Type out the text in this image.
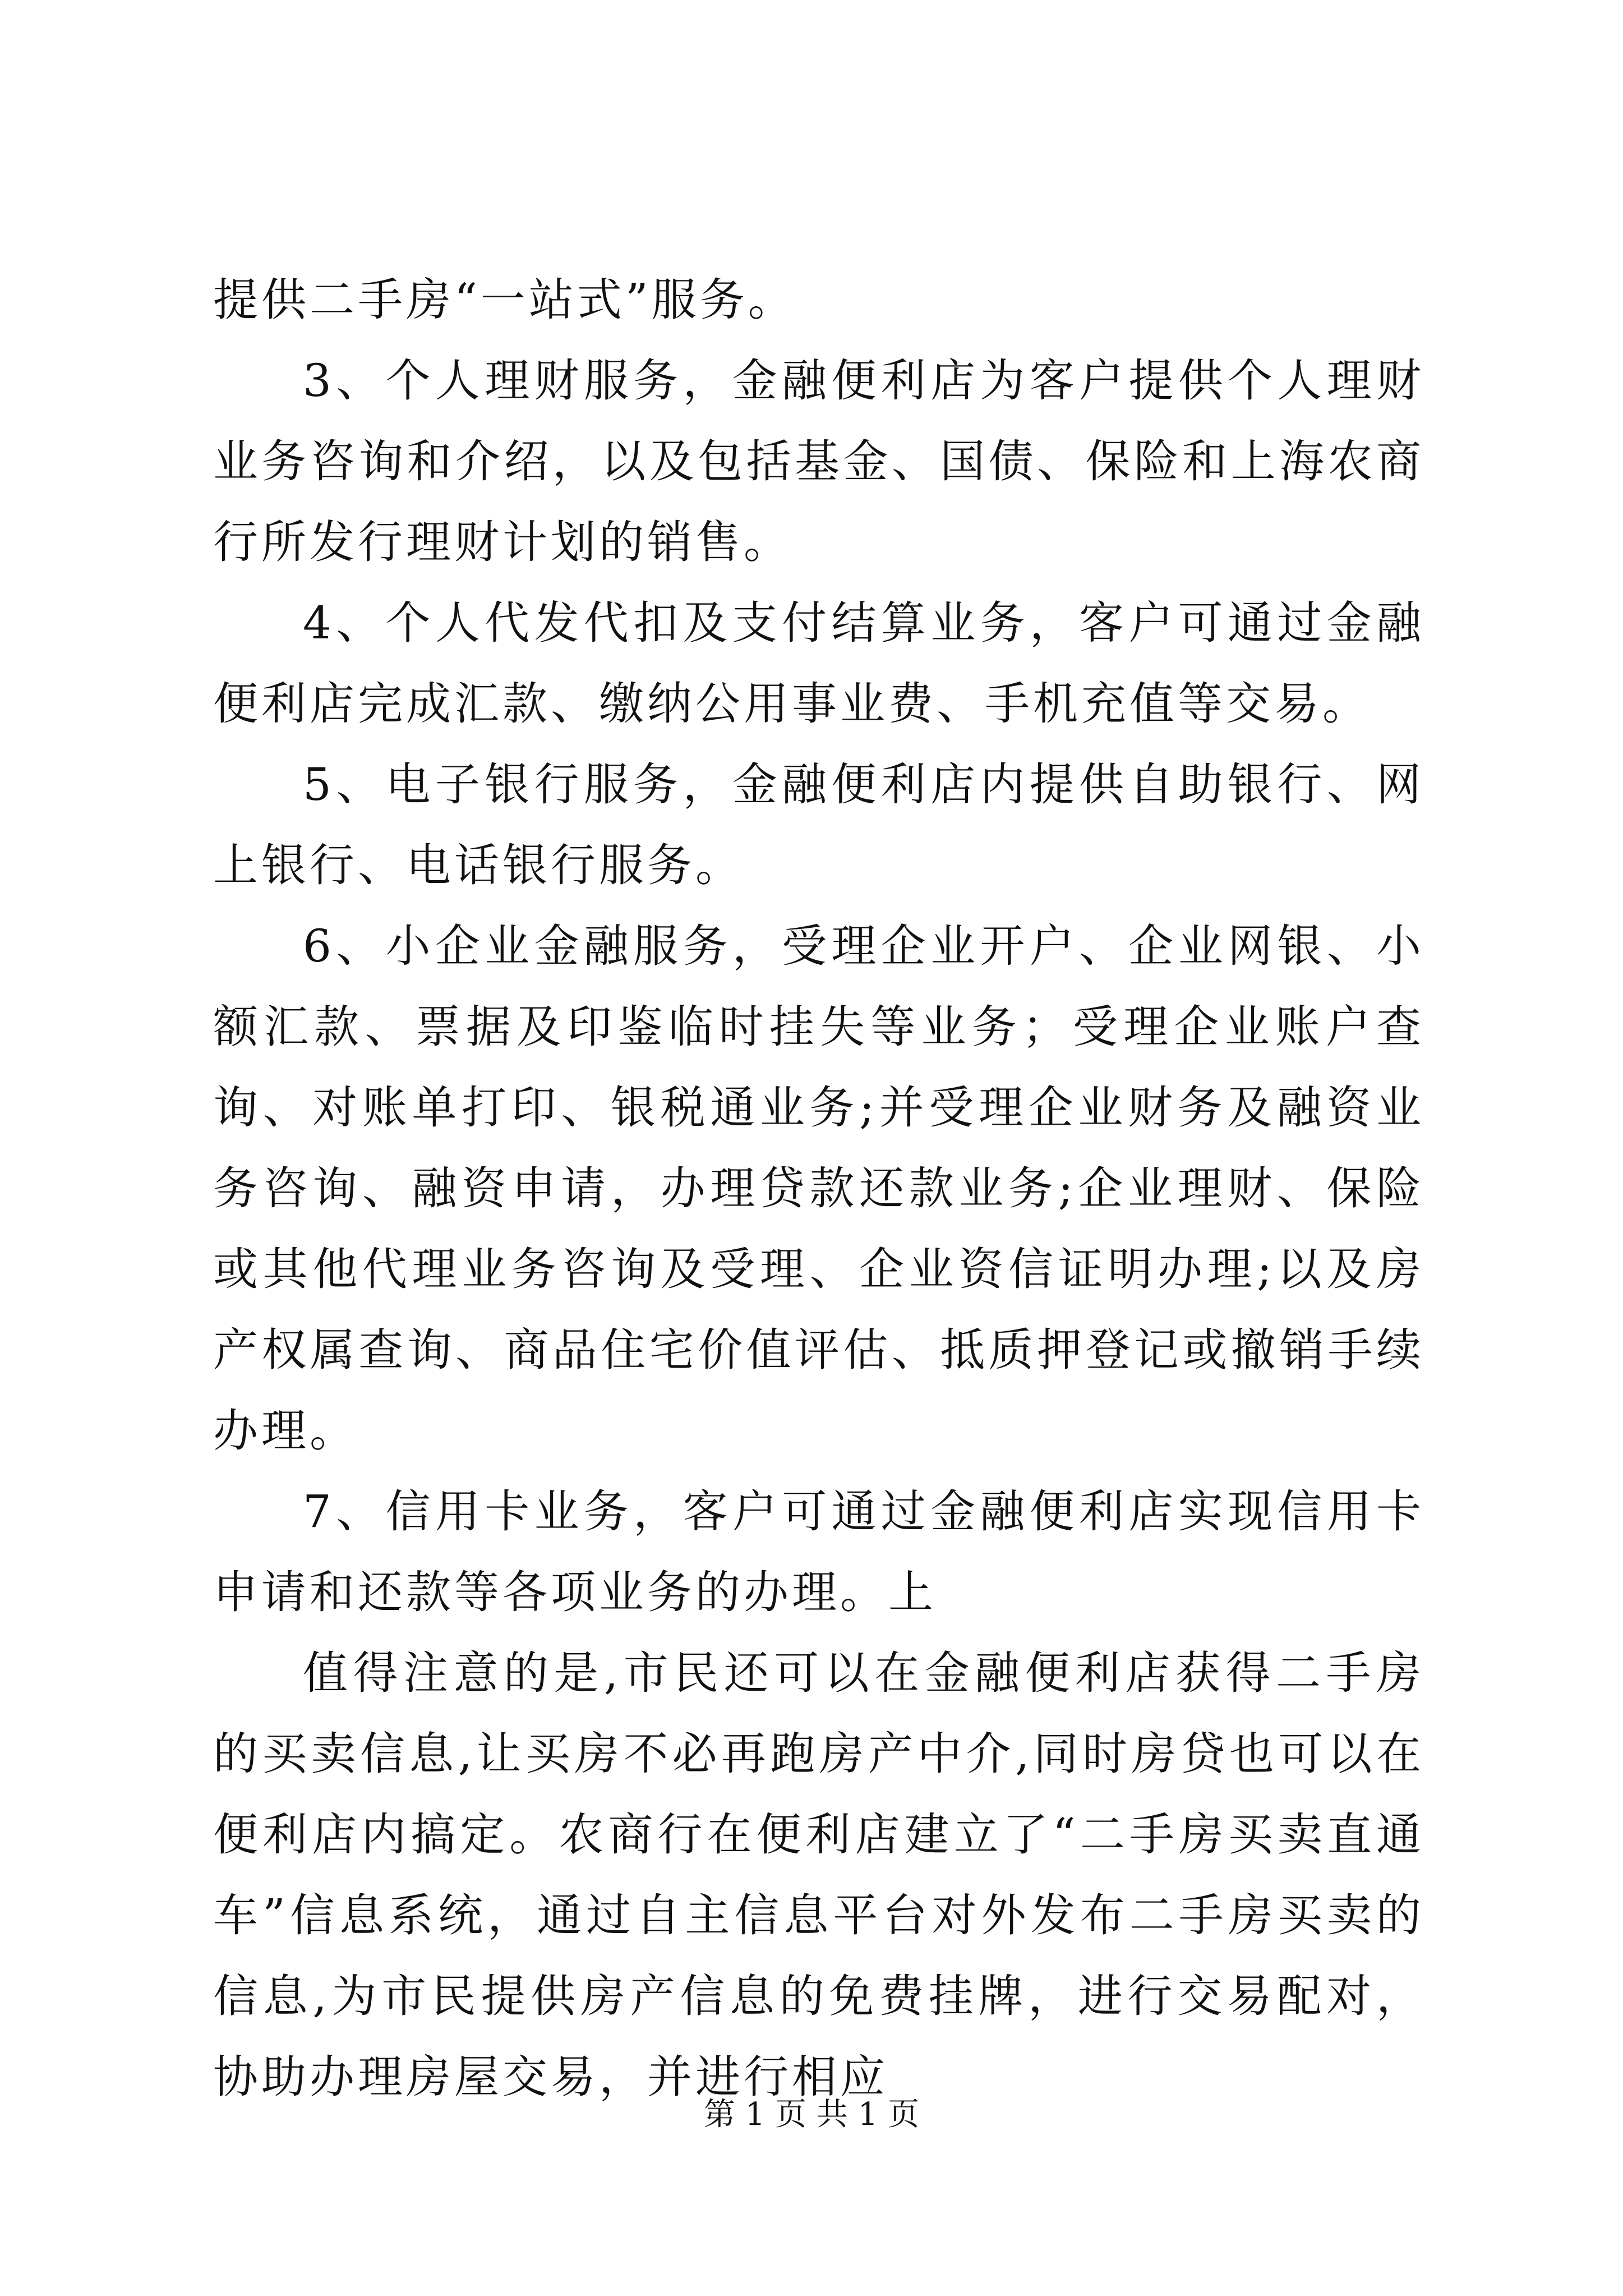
提供二手房“一站式”服务。

3、个人理财服务，金融便利店为客户提供个人理财业务咨询和介绍，以及包括基金、国债、保险和上海农商行所发行理财计划的销售。

4、个人代发代扣及支付结算业务，客户可通过金融便利店完成汇款、缴纳公用事业费、手机充值等交易。

5、电子银行服务，金融便利店内提供自助银行、网上银行、电话银行服务。

6、小企业金融服务，受理企业开户、企业网银、小额汇款、票据及印鉴临时挂失等业务；受理企业账户查询、对账单打印、银税通业务;并受理企业财务及融资业务咨询、融资申请，办理贷款还款业务;企业理财、保险或其他代理业务咨询及受理、企业资信证明办理;以及房产权属查询、商品住宅价值评估、抵质押登记或撤销手续办理。

7、信用卡业务，客户可通过金融便利店实现信用卡申请和还款等各项业务的办理。上

值得注意的是,市民还可以在金融便利店获得二手房的买卖信息,让买房不必再跑房产中介,同时房贷也可以在便利店内搞定。农商行在便利店建立了“二手房买卖直通车”信息系统，通过自主信息平台对外发布二手房买卖的信息,为市民提供房产信息的免费挂牌，进行交易配对，协助办理房屋交易，并进行相应

第 1 页 共 1 页
